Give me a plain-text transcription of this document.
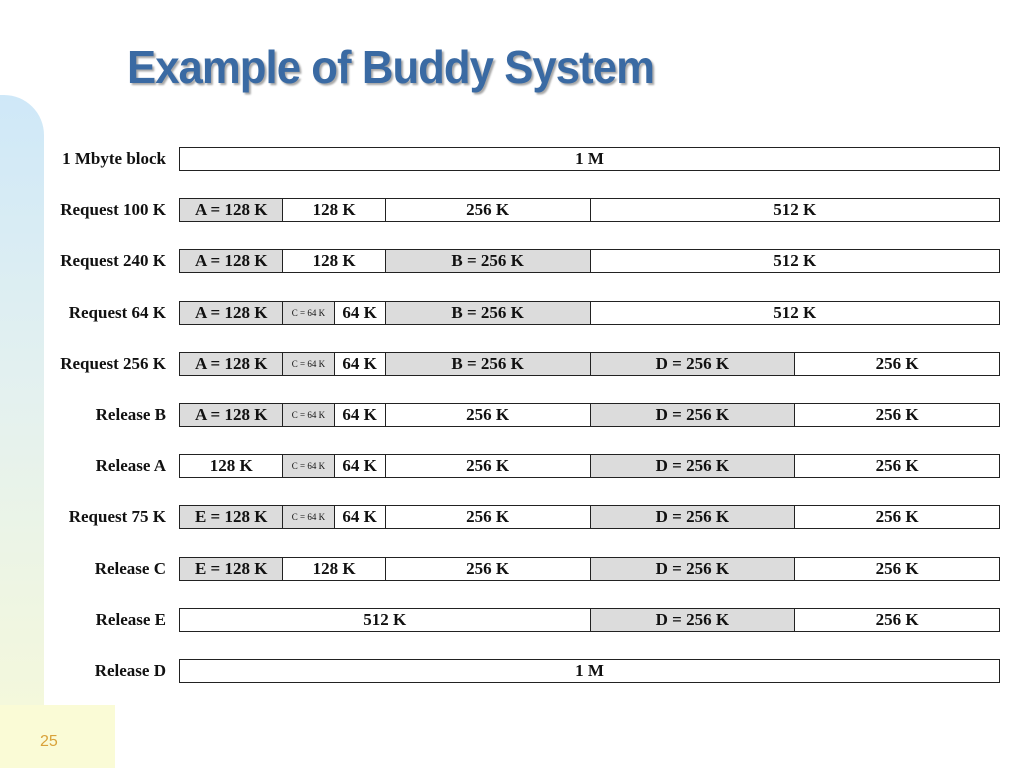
25
Example of Buddy System
1 Mbyte block	1 M
Request 100 K	A = 128 K	128 K	256 K	512 K
Request 240 K	A = 128 K	128 K	B = 256 K	512 K
Request 64 K	A = 128 K	C = 64 K	64 K	B = 256 K	512 K
Request 256 K	A = 128 K	C = 64 K	64 K	B = 256 K	D = 256 K	256 K
Release B	A = 128 K	C = 64 K	64 K	256 K	D = 256 K	256 K
Release A	128 K	C = 64 K	64 K	256 K	D = 256 K	256 K
Request 75 K	E = 128 K	C = 64 K	64 K	256 K	D = 256 K	256 K
Release C	E = 128 K	128 K	256 K	D = 256 K	256 K
Release E	512 K	D = 256 K	256 K
Release D	1 M
